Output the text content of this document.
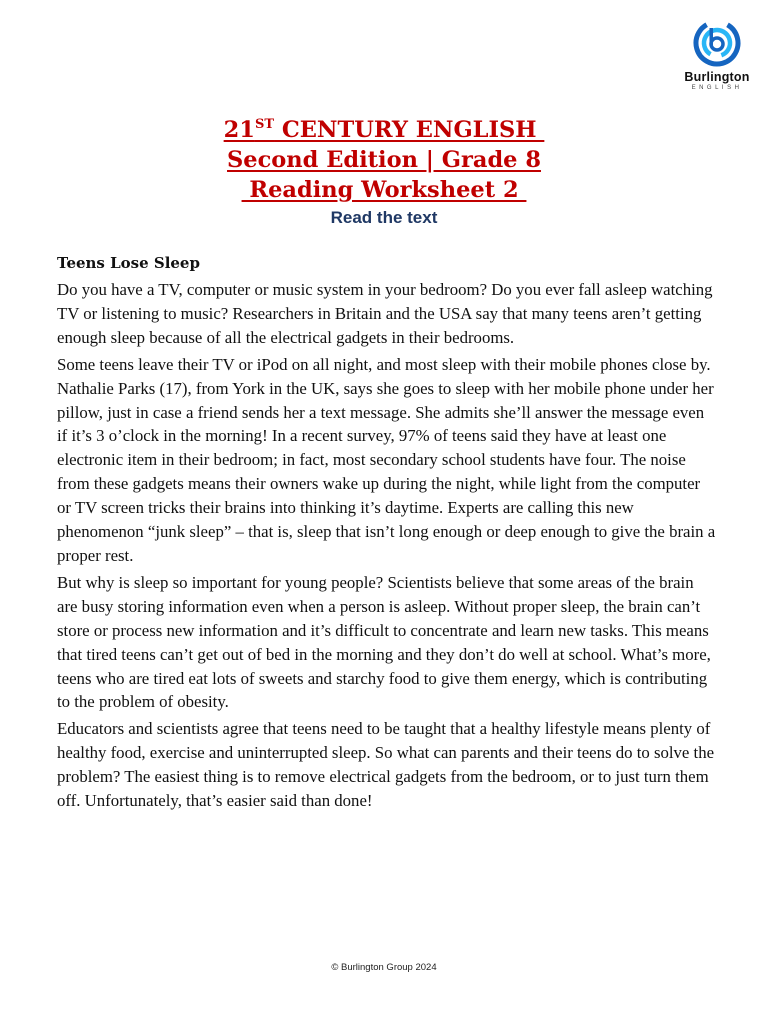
Burlington
ENGLISH
21ST CENTURY ENGLISH
Second Edition | Grade 8
Reading Worksheet 2
Read the text
Teens Lose Sleep

Do you have a TV, computer or music system in your bedroom? Do you ever fall asleep watching TV or listening to music? Researchers in Britain and the USA say that many teens aren’t getting enough sleep because of all the electrical gadgets in their bedrooms.

Some teens leave their TV or iPod on all night, and most sleep with their mobile phones close by. Nathalie Parks (17), from York in the UK, says she goes to sleep with her mobile phone under her pillow, just in case a friend sends her a text message. She admits she’ll answer the message even if it’s 3 o’clock in the morning! In a recent survey, 97% of teens said they have at least one electronic item in their bedroom; in fact, most secondary school students have four. The noise from these gadgets means their owners wake up during the night, while light from the computer or TV screen tricks their brains into thinking it’s daytime. Experts are calling this new phenomenon “junk sleep” – that is, sleep that isn’t long enough or deep enough to give the brain a proper rest.

But why is sleep so important for young people? Scientists believe that some areas of the brain are busy storing information even when a person is asleep. Without proper sleep, the brain can’t store or process new information and it’s difficult to concentrate and learn new tasks. This means that tired teens can’t get out of bed in the morning and they don’t do well at school. What’s more, teens who are tired eat lots of sweets and starchy food to give them energy, which is contributing to the problem of obesity.

Educators and scientists agree that teens need to be taught that a healthy lifestyle means plenty of healthy food, exercise and uninterrupted sleep. So what can parents and their teens do to solve the problem? The easiest thing is to remove electrical gadgets from the bedroom, or to just turn them off. Unfortunately, that’s easier said than done!

© Burlington Group 2024
